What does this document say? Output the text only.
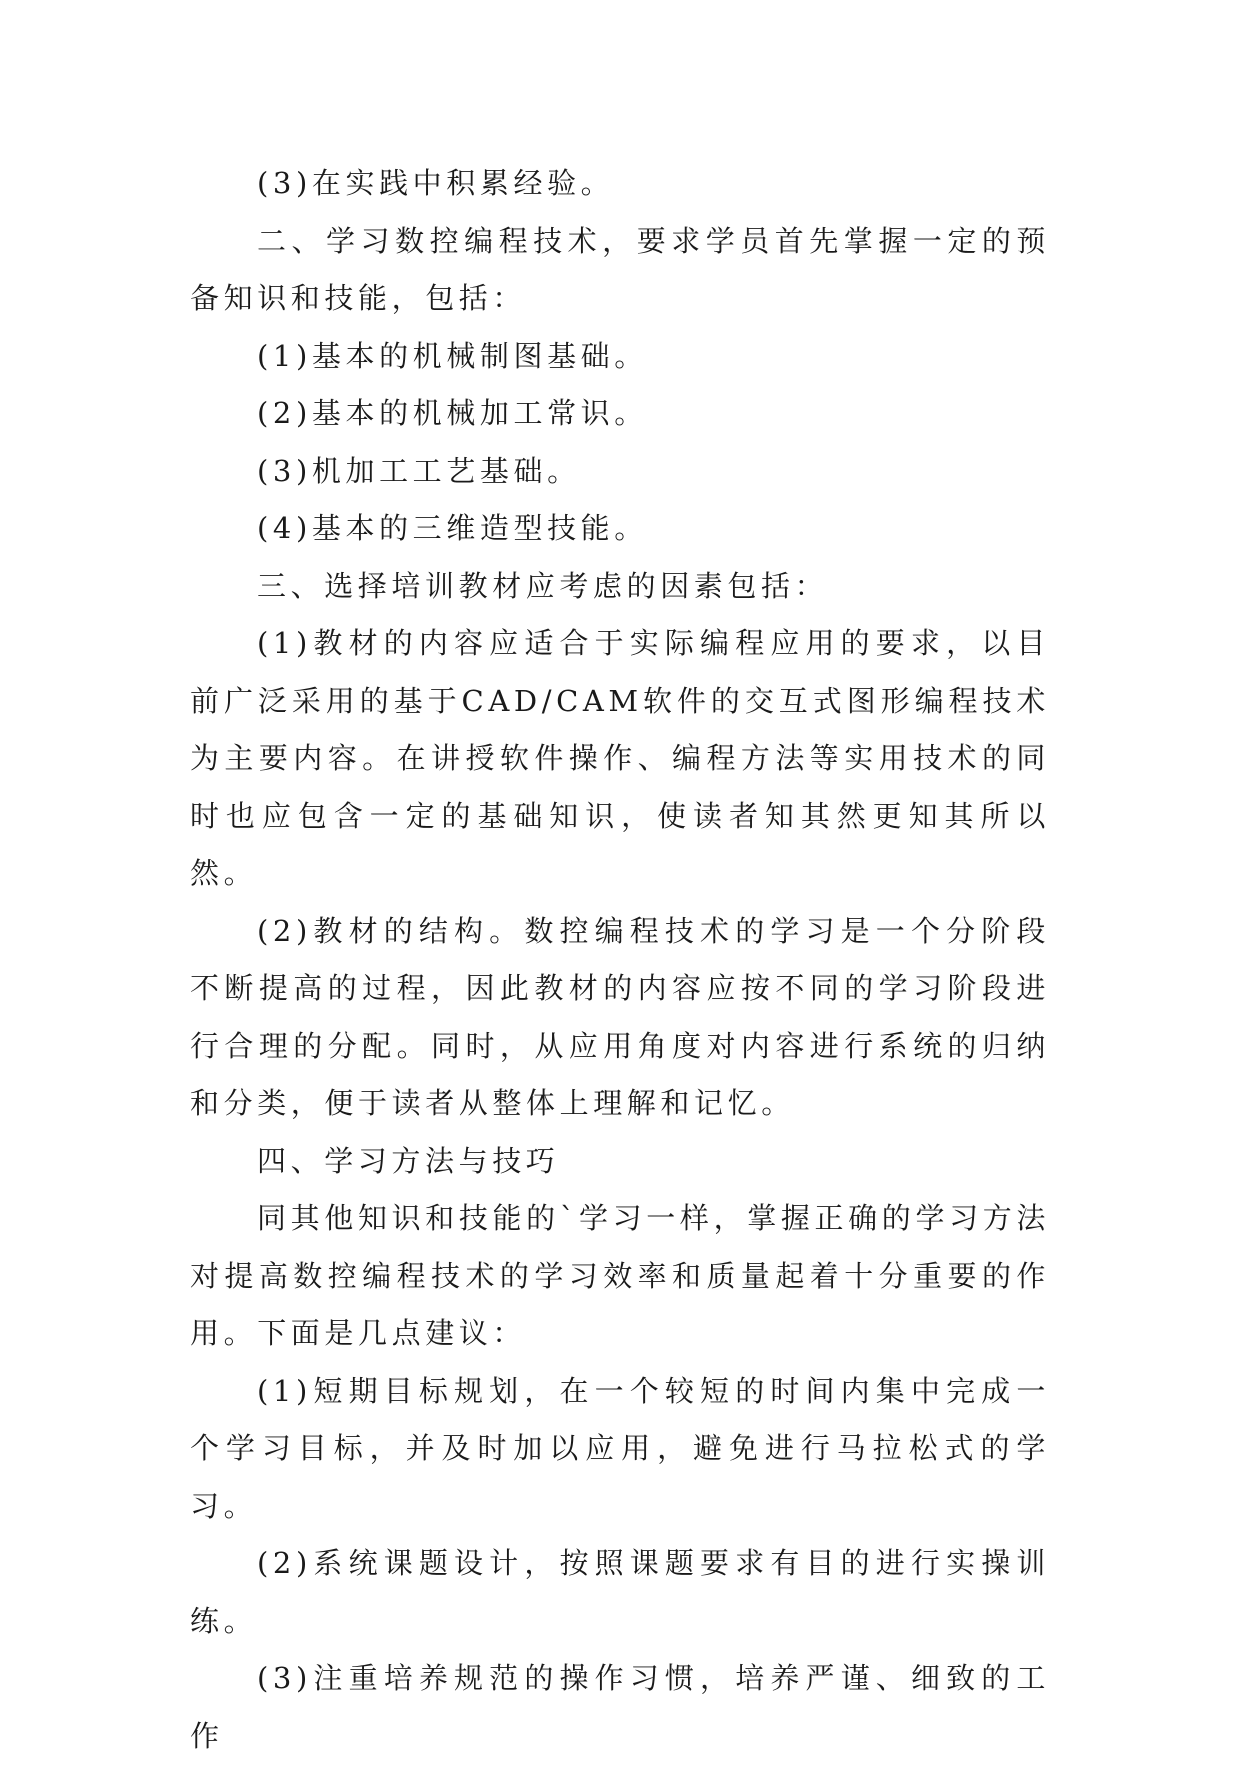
(3)在实践中积累经验。

二、学习数控编程技术，要求学员首先掌握一定的预备知识和技能，包括：

(1)基本的机械制图基础。

(2)基本的机械加工常识。

(3)机加工工艺基础。

(4)基本的三维造型技能。

三、选择培训教材应考虑的因素包括：

(1)教材的内容应适合于实际编程应用的要求，以目前广泛采用的基于CAD/CAM软件的交互式图形编程技术为主要内容。在讲授软件操作、编程方法等实用技术的同时也应包含一定的基础知识，使读者知其然更知其所以然。

(2)教材的结构。数控编程技术的学习是一个分阶段不断提高的过程，因此教材的内容应按不同的学习阶段进行合理的分配。同时，从应用角度对内容进行系统的归纳和分类，便于读者从整体上理解和记忆。

四、学习方法与技巧

同其他知识和技能的`学习一样，掌握正确的学习方法对提高数控编程技术的学习效率和质量起着十分重要的作用。下面是几点建议：

(1)短期目标规划，在一个较短的时间内集中完成一个学习目标，并及时加以应用，避免进行马拉松式的学习。

(2)系统课题设计，按照课题要求有目的进行实操训练。

(3)注重培养规范的操作习惯，培养严谨、细致的工作
